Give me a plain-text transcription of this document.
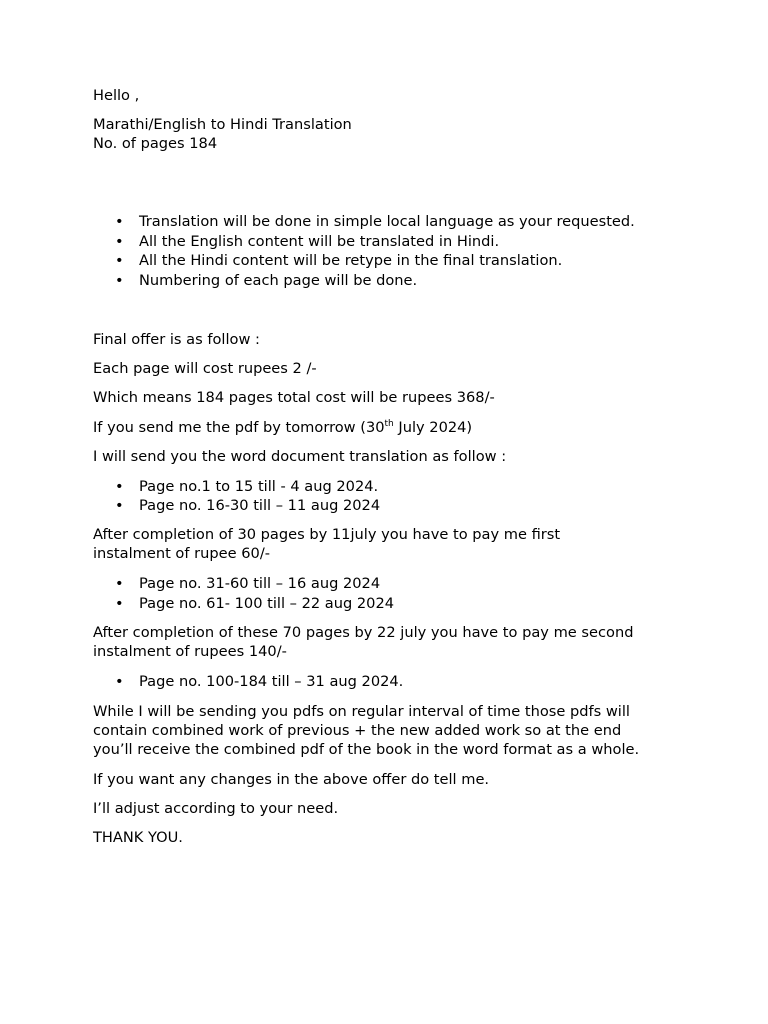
Hello ,
Marathi/English to Hindi Translation
No. of pages 184
• Translation will be done in simple local language as your requested.
• All the English content will be translated in Hindi.
• All the Hindi content will be retype in the final translation.
• Numbering of each page will be done.
Final offer is as follow :
Each page will cost rupees 2 /-
Which means 184 pages total cost will be rupees 368/-
If you send me the pdf by tomorrow (30th July 2024)
I will send you the word document translation as follow :
• Page no.1 to 15 till - 4 aug 2024.
• Page no. 16-30 till – 11 aug 2024
After completion of 30 pages by 11july you have to pay me first
instalment of rupee 60/-
• Page no. 31-60 till – 16 aug 2024
• Page no. 61- 100 till – 22 aug 2024
After completion of these 70 pages by 22 july you have to pay me second
instalment of rupees 140/-
• Page no. 100-184 till – 31 aug 2024.
While I will be sending you pdfs on regular interval of time those pdfs will
contain combined work of previous + the new added work so at the end
you’ll receive the combined pdf of the book in the word format as a whole.
If you want any changes in the above offer do tell me.
I’ll adjust according to your need.
THANK YOU.
